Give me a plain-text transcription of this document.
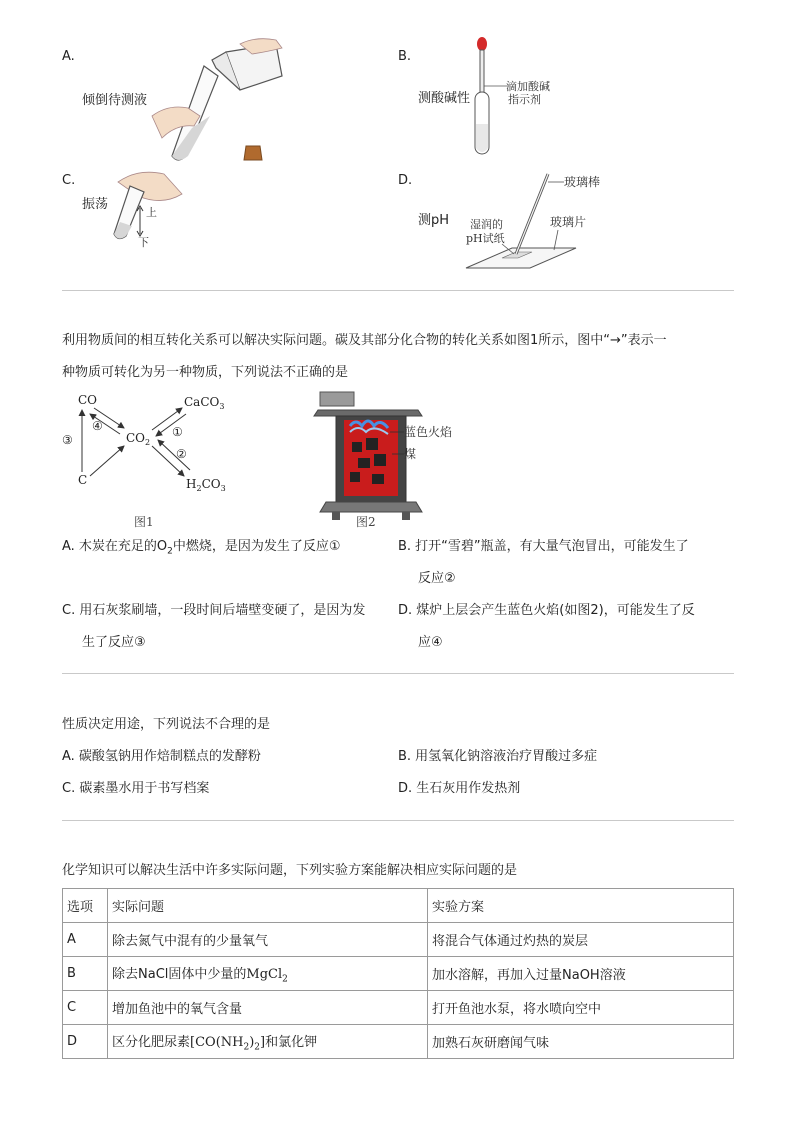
A.
倾倒待测液
B.
测酸碱性
滴加酸碱
指示剂
C.
振荡
上
下
D.
测pH
玻璃棒
湿润的
pH试纸
玻璃片
利用物质间的相互转化关系可以解决实际问题。碳及其部分化合物的转化关系如图1所示，图中“→”表示一
种物质可转化为另一种物质，下列说法不正确的是
CO	CaCO$_3$
$CO_2$
C	$H_2CO_3$
③
④	①
②
图1
蓝色火焰
煤
图2
A. 木炭在充足的$O_2$中燃烧，是因为发生了反应①	B. 打开“雪碧”瓶盖，有大量气泡冒出，可能发生了
反应②
C. 用石灰浆刷墙，一段时间后墙壁变硬了，是因为发
生了反应③
D. 煤炉上层会产生蓝色火焰(如图2)，可能发生了反
应④
性质决定用途，下列说法不合理的是
A. 碳酸氢钠用作焙制糕点的发酵粉	B. 用氢氧化钠溶液治疗胃酸过多症
C. 碳素墨水用于书写档案	D. 生石灰用作发热剂
化学知识可以解决生活中许多实际问题，下列实验方案能解决相应实际问题的是
选项	实际问题	实验方案
A	除去氮气中混有的少量氧气	将混合气体通过灼热的炭层
B	除去NaCl固体中少量的MgCl$_2$	加水溶解，再加入过量NaOH溶液
C	增加鱼池中的氧气含量	打开鱼池水泵，将水喷向空中
D	区分化肥尿素$[CO(NH_2)_2]$和氯化钾	加熟石灰研磨闻气味
